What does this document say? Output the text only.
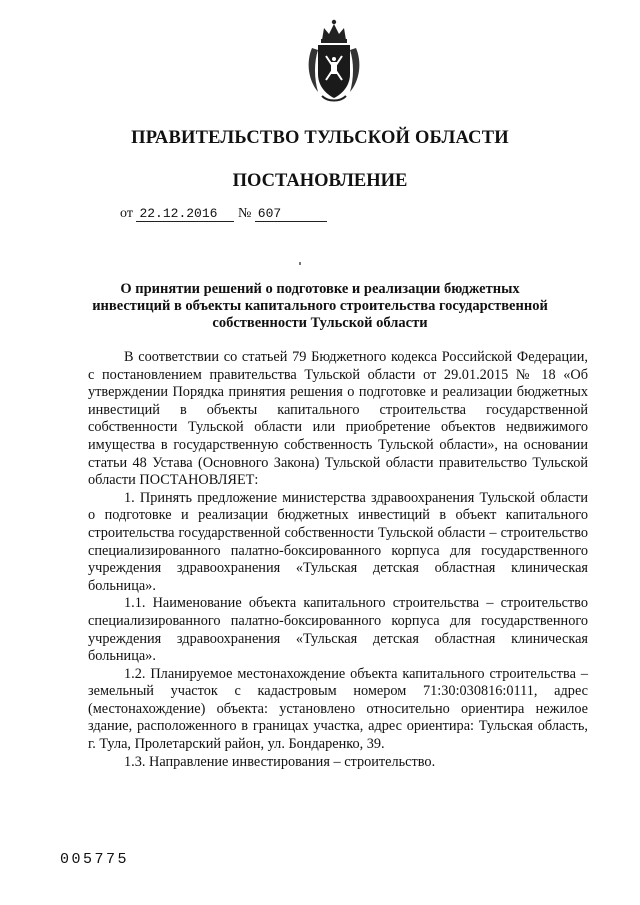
ПРАВИТЕЛЬСТВО ТУЛЬСКОЙ ОБЛАСТИ
ПОСТАНОВЛЕНИЕ
от 22.12.2016 № 607
О принятии решений о подготовке и реализации бюджетных инвестиций в объекты капитального строительства государственной собственности Тульской области

В соответствии со статьей 79 Бюджетного кодекса Российской Федерации, с постановлением правительства Тульской области от 29.01.2015 № 18 «Об утверждении Порядка принятия решения о подготовке и реализации бюджетных инвестиций в объекты капитального строительства государственной собственности Тульской области или приобретение объектов недвижимого имущества в государственную собственность Тульской области», на основании статьи 48 Устава (Основного Закона) Тульской области правительство Тульской области ПОСТАНОВЛЯЕТ:

1. Принять предложение министерства здравоохранения Тульской области о подготовке и реализации бюджетных инвестиций в объект капитального строительства государственной собственности Тульской области – строительство специализированного палатно-боксированного корпуса для государственного учреждения здравоохранения «Тульская детская областная клиническая больница».

1.1. Наименование объекта капитального строительства – строительство специализированного палатно-боксированного корпуса для государственного учреждения здравоохранения «Тульская детская областная клиническая больница».

1.2. Планируемое местонахождение объекта капитального строительства – земельный участок с кадастровым номером 71:30:030816:0111, адрес (местонахождение) объекта: установлено относительно ориентира нежилое здание, расположенного в границах участка, адрес ориентира: Тульская область, г. Тула, Пролетарский район, ул. Бондаренко, 39.

1.3. Направление инвестирования – строительство.

005775
